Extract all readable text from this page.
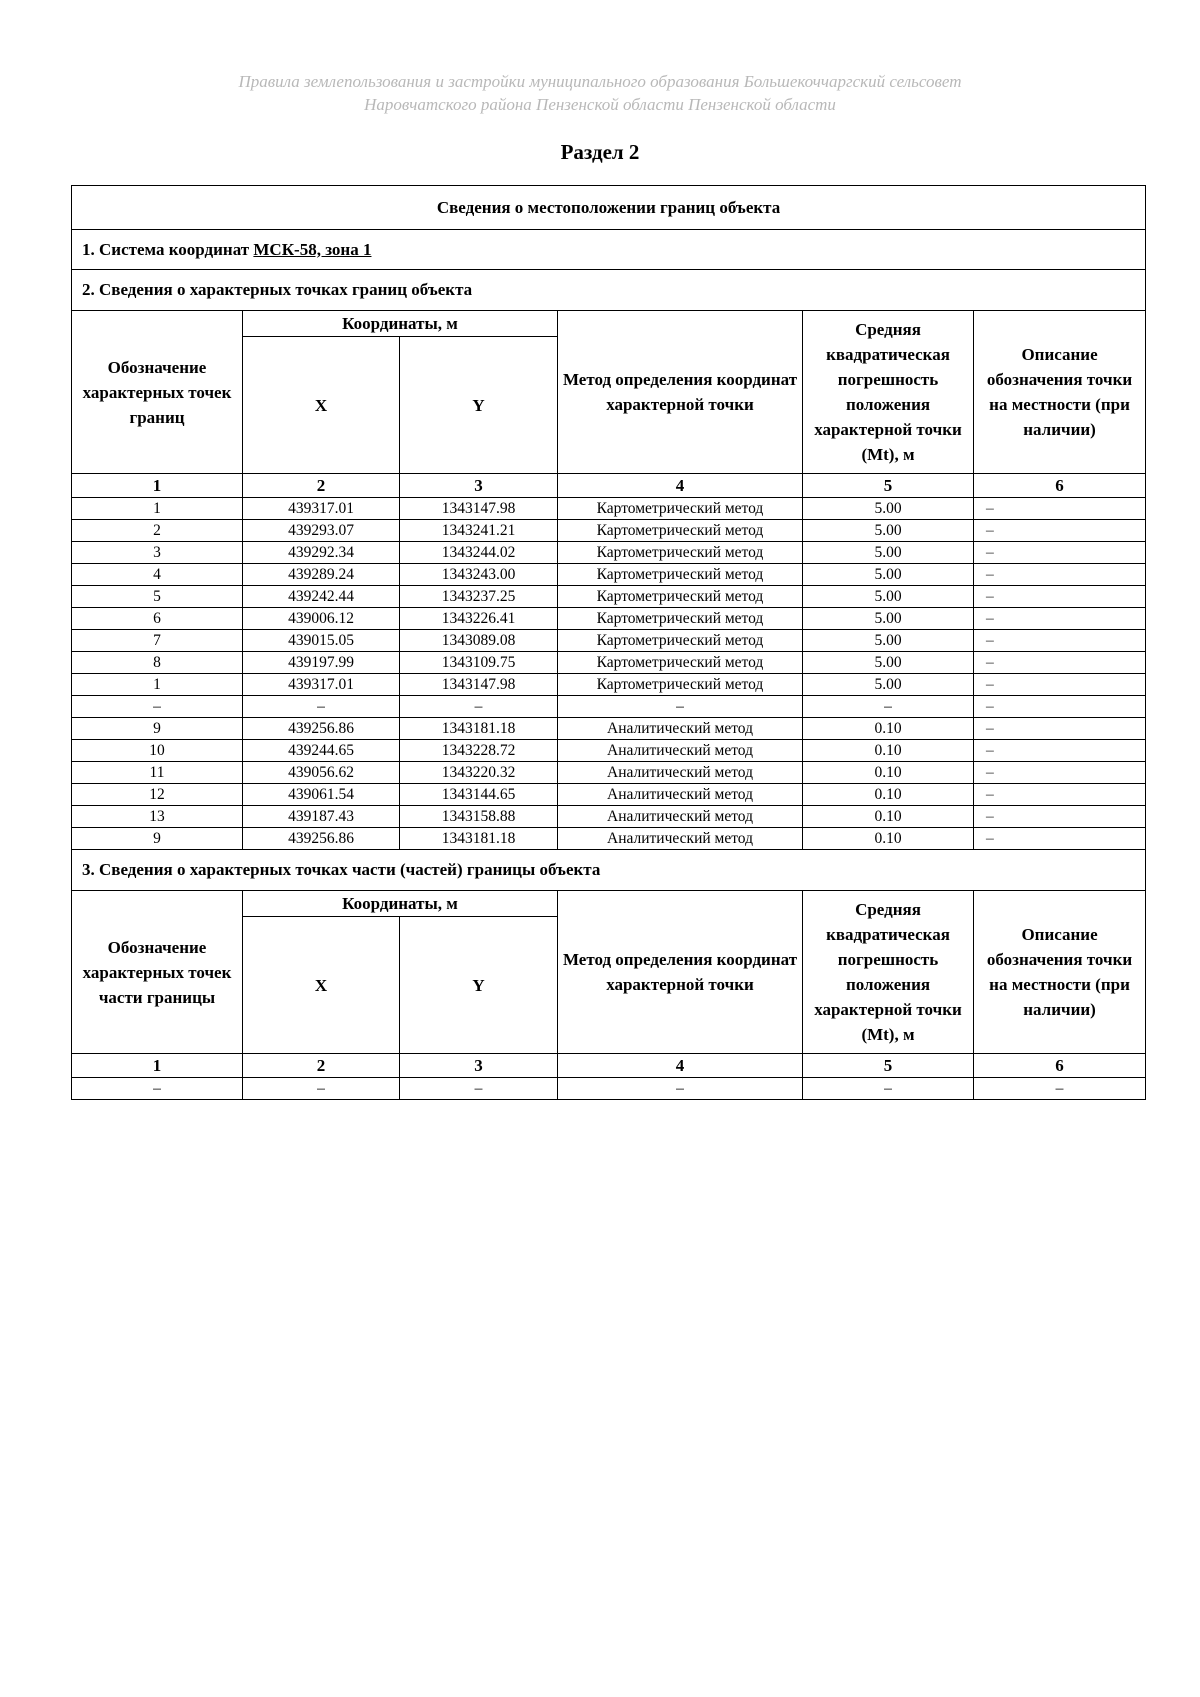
Правила землепользования и застройки муниципального образования Большекоччаргский сельсовет
Наровчатского района Пензенской области Пензенской области
Раздел 2
Сведения о местоположении границ объекта					
1. Система координат МСК-58, зона 1					
2. Сведения о характерных точках границ объекта					
Обозначение характерных точек границ	Координаты, м		Метод определения координат характерной точки	Средняя квадратическая погрешность положения характерной точки (Mt), м	Описание обозначения точки на местности (при наличии)
	X	Y			
1	2	3	4	5	6
1	439317.01	1343147.98	Картометрический метод	5.00	–
2	439293.07	1343241.21	Картометрический метод	5.00	–
3	439292.34	1343244.02	Картометрический метод	5.00	–
4	439289.24	1343243.00	Картометрический метод	5.00	–
5	439242.44	1343237.25	Картометрический метод	5.00	–
6	439006.12	1343226.41	Картометрический метод	5.00	–
7	439015.05	1343089.08	Картометрический метод	5.00	–
8	439197.99	1343109.75	Картометрический метод	5.00	–
1	439317.01	1343147.98	Картометрический метод	5.00	–
–	–	–	–	–	–
9	439256.86	1343181.18	Аналитический метод	0.10	–
10	439244.65	1343228.72	Аналитический метод	0.10	–
11	439056.62	1343220.32	Аналитический метод	0.10	–
12	439061.54	1343144.65	Аналитический метод	0.10	–
13	439187.43	1343158.88	Аналитический метод	0.10	–
9	439256.86	1343181.18	Аналитический метод	0.10	–
3. Сведения о характерных точках части (частей) границы объекта					
Обозначение характерных точек части границы	Координаты, м		Метод определения координат характерной точки	Средняя квадратическая погрешность положения характерной точки (Mt), м	Описание обозначения точки на местности (при наличии)
	X	Y			
1	2	3	4	5	6
–	–	–	–	–	–
